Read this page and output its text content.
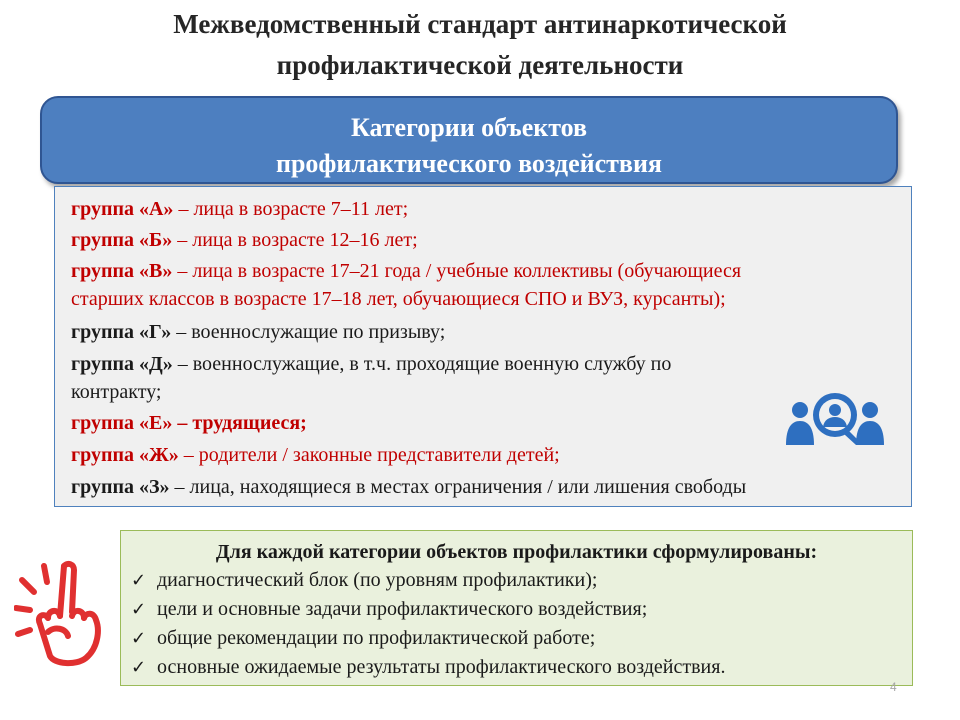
Межведомственный стандарт антинаркотической
профилактической деятельности
Категории объектов
профилактического воздействия
группа «А» – лица в возрасте 7–11 лет;
группа «Б» – лица в возрасте 12–16 лет;
группа «В» – лица в возрасте 17–21 года / учебные коллективы (обучающиеся
старших классов в возрасте 17–18 лет, обучающиеся СПО и ВУЗ, курсанты);
группа «Г» – военнослужащие по призыву;
группа «Д» – военнослужащие, в т.ч. проходящие военную службу по
контракту;
группа «Е» – трудящиеся;
группа «Ж» – родители / законные представители детей;
группа «З» – лица, находящиеся в местах ограничения / или лишения свободы
Для каждой категории объектов профилактики сформулированы:
✓ диагностический блок (по уровням профилактики);
✓ цели и основные задачи профилактического воздействия;
✓ общие рекомендации по профилактической работе;
✓ основные ожидаемые результаты профилактического воздействия.
4
